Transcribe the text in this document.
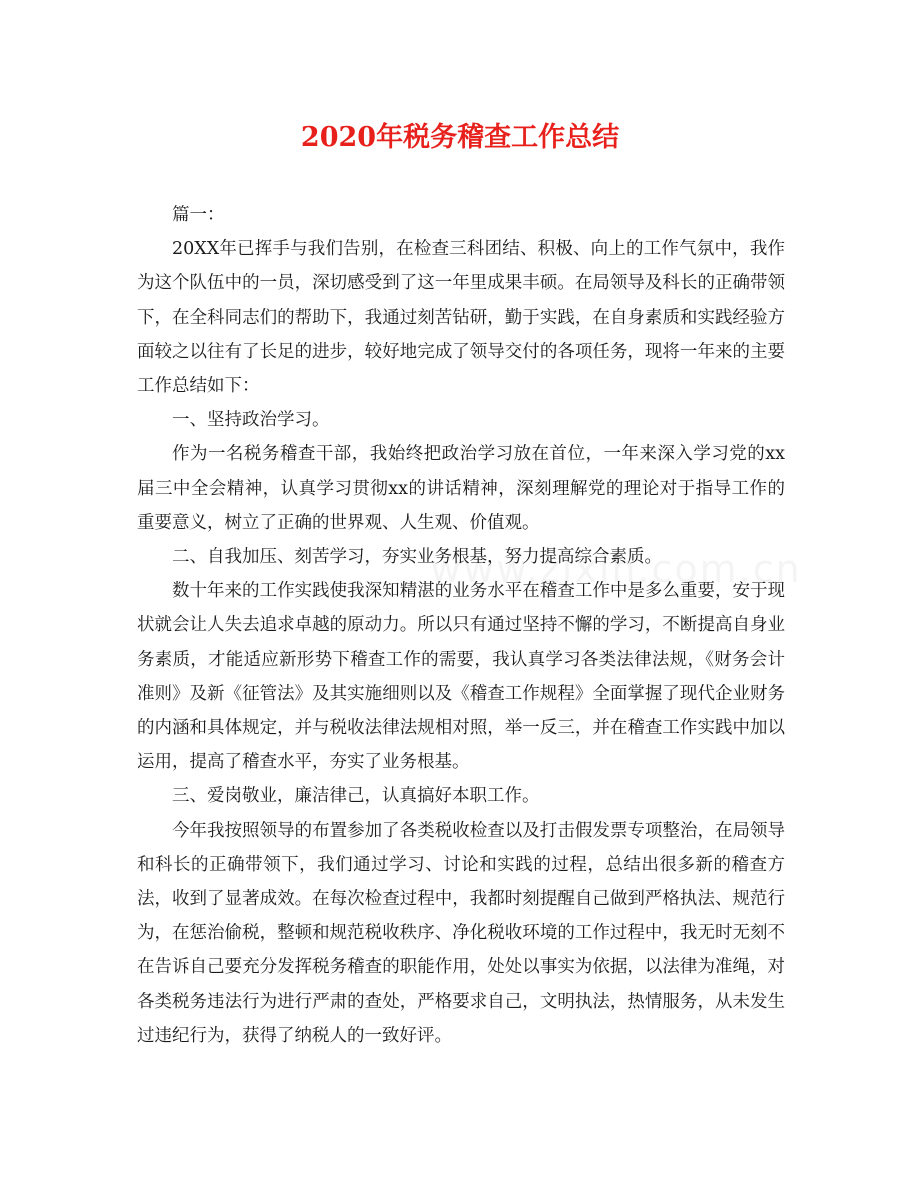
2020年税务稽查工作总结

篇一：

20XX年已挥手与我们告别，在检查三科团结、积极、向上的工作气氛中，我作为这个队伍中的一员，深切感受到了这一年里成果丰硕。在局领导及科长的正确带领下，在全科同志们的帮助下，我通过刻苦钻研，勤于实践，在自身素质和实践经验方面较之以往有了长足的进步，较好地完成了领导交付的各项任务，现将一年来的主要工作总结如下：

一、坚持政治学习。

作为一名税务稽查干部，我始终把政治学习放在首位，一年来深入学习党的xx届三中全会精神，认真学习贯彻xx的讲话精神，深刻理解党的理论对于指导工作的重要意义，树立了正确的世界观、人生观、价值观。

二、自我加压、刻苦学习，夯实业务根基，努力提高综合素质。

数十年来的工作实践使我深知精湛的业务水平在稽查工作中是多么重要，安于现状就会让人失去追求卓越的原动力。所以只有通过坚持不懈的学习，不断提高自身业务素质，才能适应新形势下稽查工作的需要，我认真学习各类法律法规，《财务会计准则》及新《征管法》及其实施细则以及《稽查工作规程》全面掌握了现代企业财务的内涵和具体规定，并与税收法律法规相对照，举一反三，并在稽查工作实践中加以运用，提高了稽查水平，夯实了业务根基。

三、爱岗敬业，廉洁律己，认真搞好本职工作。

今年我按照领导的布置参加了各类税收检查以及打击假发票专项整治，在局领导和科长的正确带领下，我们通过学习、讨论和实践的过程，总结出很多新的稽查方法，收到了显著成效。在每次检查过程中，我都时刻提醒自己做到严格执法、规范行为，在惩治偷税，整顿和规范税收秩序、净化税收环境的工作过程中，我无时无刻不在告诉自己要充分发挥税务稽查的职能作用，处处以事实为依据，以法律为准绳，对各类税务违法行为进行严肃的查处，严格要求自己，文明执法，热情服务，从未发生过违纪行为，获得了纳税人的一致好评。
